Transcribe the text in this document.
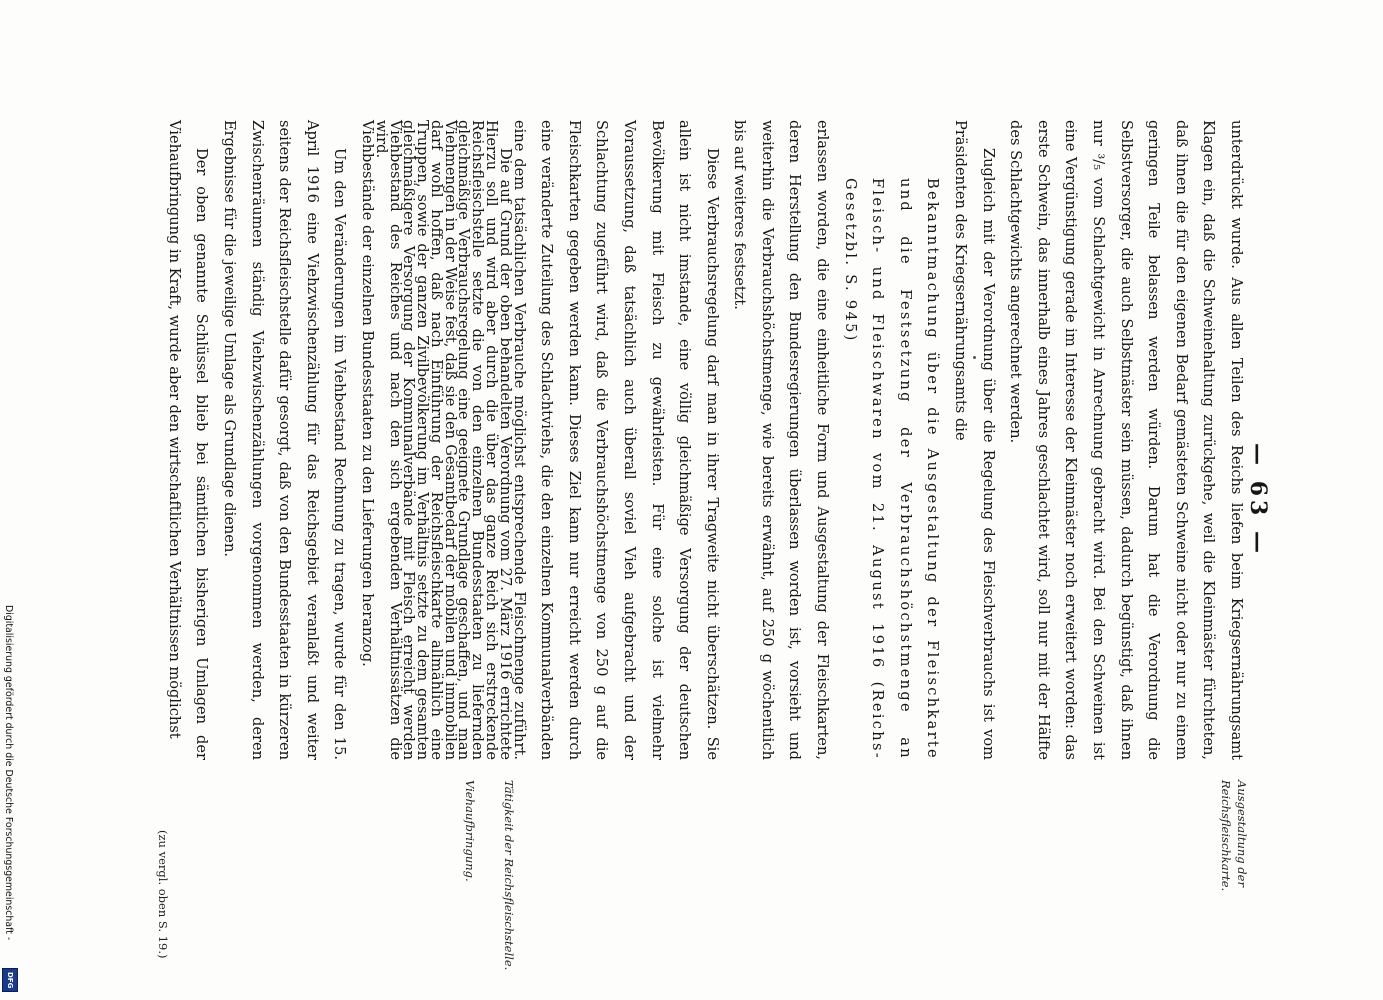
— 63 —

unterdrückt wurde. Aus allen Teilen des Reichs liefen beim Kriegsernährungsamt Klagen ein, daß die Schweinehaltung zurückgehe, weil die Kleinmäster fürchteten, daß ihnen die für den eigenen Bedarf gemästeten Schweine nicht oder nur zu einem geringen Teile belassen werden würden. Darum hat die Verordnung die Selbstversorger, die auch Selbstmäster sein müssen, dadurch begünstigt, daß ihnen nur ³/₅ vom Schlachtgewicht in Anrechnung gebracht wird. Bei den Schweinen ist eine Vergünstigung gerade im Interesse der Kleinmäster noch erweitert worden: das erste Schwein, das innerhalb eines Jahres geschlachtet wird, soll nur mit der Hälfte des Schlachtgewichts angerechnet werden.

Zugleich mit der Verordnung über die Regelung des Fleischverbrauchs ist vom Präsidenten des Kriegsernährungsamts die

Bekanntmachung über die Ausgestaltung der Fleischkarte und die Festsetzung der Verbrauchshöchstmenge an Fleisch- und Fleischwaren vom 21. August 1916 (Reichs-Gesetzbl. S. 945)

erlassen worden, die eine einheitliche Form und Ausgestaltung der Fleischkarten, deren Herstellung den Bundesregierungen überlassen worden ist, vorsieht und weiterhin die Verbrauchshöchstmenge, wie bereits erwähnt, auf 250 g wöchentlich bis auf weiteres festsetzt.

Diese Verbrauchsregelung darf man in ihrer Tragweite nicht überschätzen. Sie allein ist nicht imstande, eine völlig gleichmäßige Versorgung der deutschen Bevölkerung mit Fleisch zu gewährleisten. Für eine solche ist vielmehr Voraussetzung, daß tatsächlich auch überall soviel Vieh aufgebracht und der Schlachtung zugeführt wird, daß die Verbrauchshöchstmenge von 250 g auf die Fleischkarten gegeben werden kann. Dieses Ziel kann nur erreicht werden durch eine veränderte Zuteilung des Schlachtviehs, die den einzelnen Kommunalverbänden eine dem tatsächlichen Verbrauche möglichst entsprechende Fleischmenge zuführt. Hierzu soll und wird aber durch die über das ganze Reich sich erstreckende gleichmäßige Verbrauchsregelung eine geeignete Grundlage geschaffen, und man darf wohl hoffen, daß nach Einführung der Reichsfleischkarte allmählich eine gleichmäßigere Versorgung der Kommunalverbände mit Fleisch erreicht werden wird.

Die auf Grund der oben behandelten Verordnung vom 27. März 1916 errichtete Reichsfleischstelle setzte die von den einzelnen Bundesstaaten zu liefernden Viehmengen in der Weise fest, daß sie den Gesamtbedarf der mobilen und immobilen Truppen, sowie der ganzen Zivilbevölkerung im Verhältnis setzte zu dem gesamten Viehbestand des Reiches und nach den sich ergebenden Verhältnissätzen die Viehbestände der einzelnen Bundesstaaten zu den Lieferungen heranzog.

Um den Veränderungen im Viehbestand Rechnung zu tragen, wurde für den 15. April 1916 eine Viehzwischenzählung für das Reichsgebiet veranlaßt und weiter seitens der Reichsfleischstelle dafür gesorgt, daß von den Bundesstaaten in kürzeren Zwischenräumen ständig Viehzwischenzählungen vorgenommen werden, deren Ergebnisse für die jeweilige Umlage als Grundlage dienen.

Der oben genannte Schlüssel blieb bei sämtlichen bisherigen Umlagen der Viehaufbringung in Kraft, wurde aber den wirtschaftlichen Verhältnissen möglichst

Ausgestaltung der Reichsfleischkarte.
Tätigkeit der Reichsfleischstelle.
Viehaufbringung.
(zu vergl. oben S. 19.)
Digitalisierung gefördert durch die Deutsche Forschungsgemeinschaft -
DFG
